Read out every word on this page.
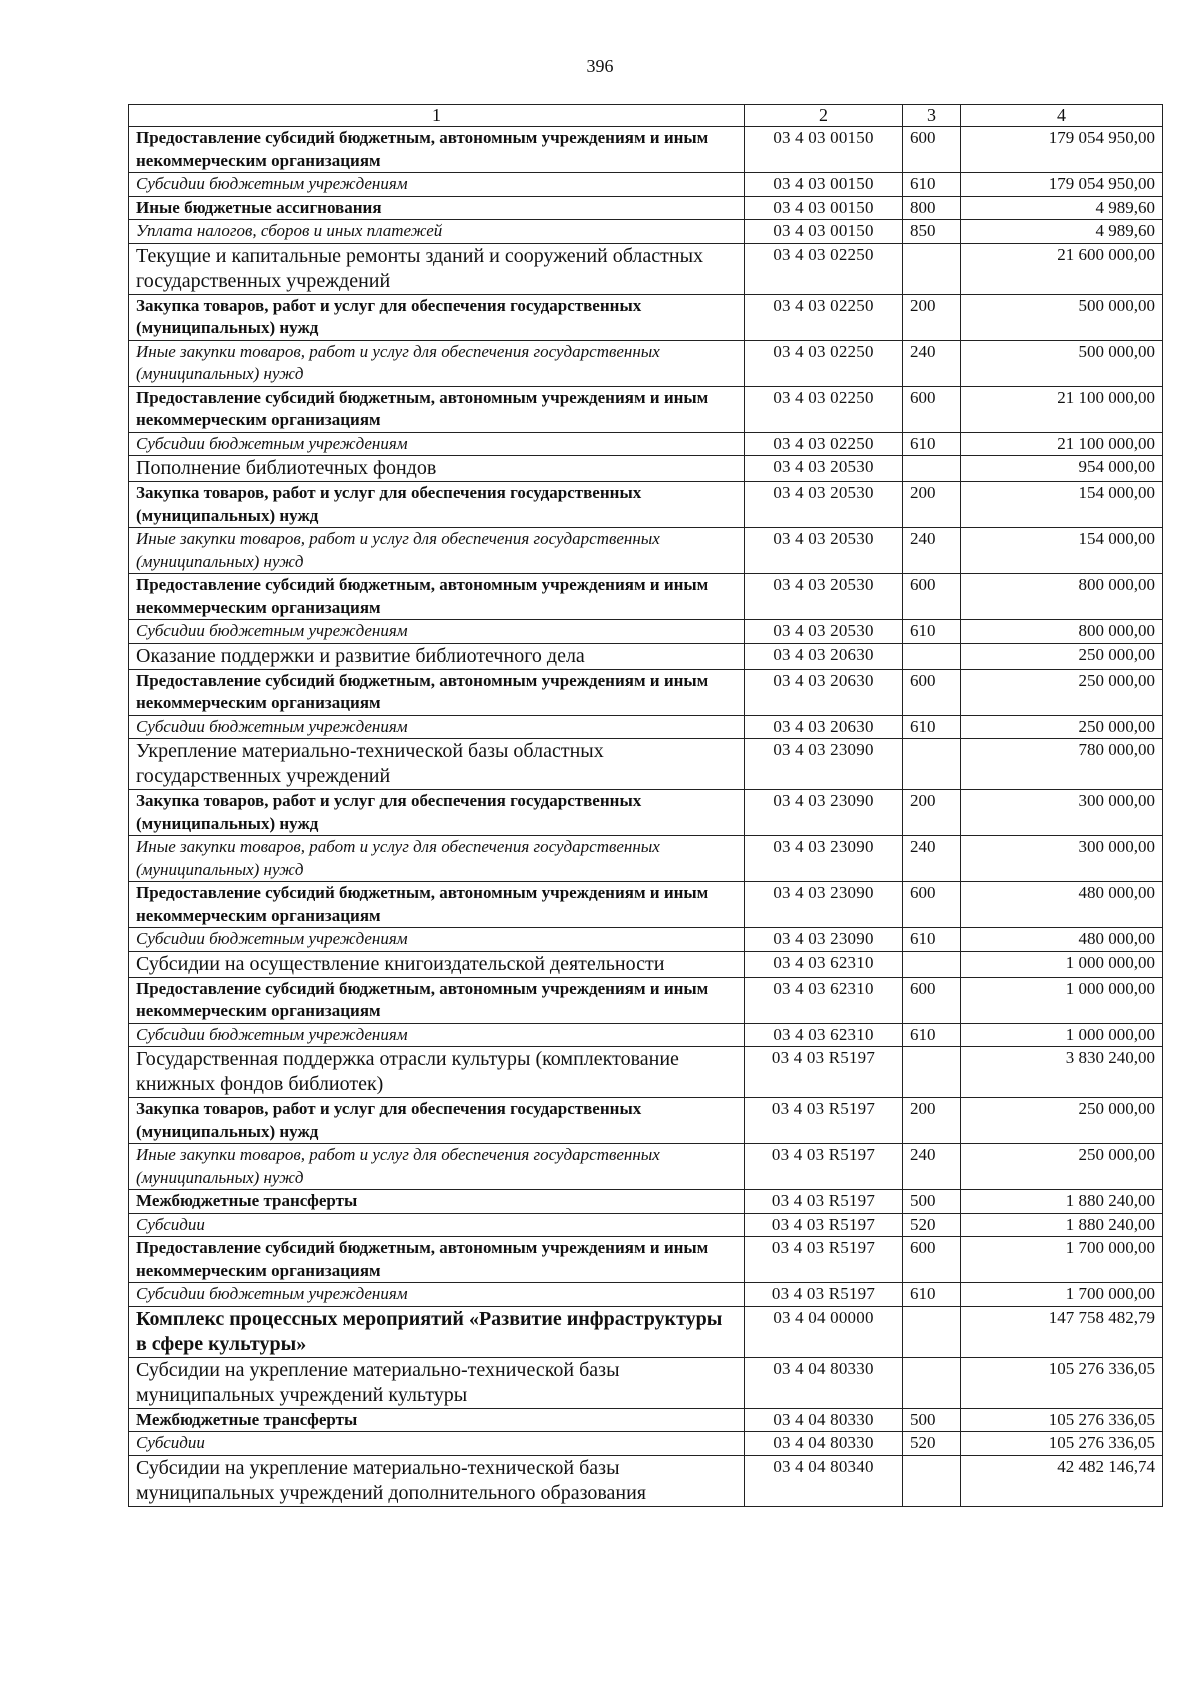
396
1	2	3	4
Предоставление субсидий бюджетным, автономным учреждениям и иным некоммерческим организациям	03 4 03 00150	600	179 054 950,00
Субсидии бюджетным учреждениям	03 4 03 00150	610	179 054 950,00
Иные бюджетные ассигнования	03 4 03 00150	800	4 989,60
Уплата налогов, сборов и иных платежей	03 4 03 00150	850	4 989,60
Текущие и капитальные ремонты зданий и сооружений областных государственных учреждений	03 4 03 02250		21 600 000,00
Закупка товаров, работ и услуг для обеспечения государственных (муниципальных) нужд	03 4 03 02250	200	500 000,00
Иные закупки товаров, работ и услуг для обеспечения государственных (муниципальных) нужд	03 4 03 02250	240	500 000,00
Предоставление субсидий бюджетным, автономным учреждениям и иным некоммерческим организациям	03 4 03 02250	600	21 100 000,00
Субсидии бюджетным учреждениям	03 4 03 02250	610	21 100 000,00
Пополнение библиотечных фондов	03 4 03 20530		954 000,00
Закупка товаров, работ и услуг для обеспечения государственных (муниципальных) нужд	03 4 03 20530	200	154 000,00
Иные закупки товаров, работ и услуг для обеспечения государственных (муниципальных) нужд	03 4 03 20530	240	154 000,00
Предоставление субсидий бюджетным, автономным учреждениям и иным некоммерческим организациям	03 4 03 20530	600	800 000,00
Субсидии бюджетным учреждениям	03 4 03 20530	610	800 000,00
Оказание поддержки и развитие библиотечного дела	03 4 03 20630		250 000,00
Предоставление субсидий бюджетным, автономным учреждениям и иным некоммерческим организациям	03 4 03 20630	600	250 000,00
Субсидии бюджетным учреждениям	03 4 03 20630	610	250 000,00
Укрепление материально-технической базы областных государственных учреждений	03 4 03 23090		780 000,00
Закупка товаров, работ и услуг для обеспечения государственных (муниципальных) нужд	03 4 03 23090	200	300 000,00
Иные закупки товаров, работ и услуг для обеспечения государственных (муниципальных) нужд	03 4 03 23090	240	300 000,00
Предоставление субсидий бюджетным, автономным учреждениям и иным некоммерческим организациям	03 4 03 23090	600	480 000,00
Субсидии бюджетным учреждениям	03 4 03 23090	610	480 000,00
Субсидии на осуществление книгоиздательской деятельности	03 4 03 62310		1 000 000,00
Предоставление субсидий бюджетным, автономным учреждениям и иным некоммерческим организациям	03 4 03 62310	600	1 000 000,00
Субсидии бюджетным учреждениям	03 4 03 62310	610	1 000 000,00
Государственная поддержка отрасли культуры (комплектование книжных фондов библиотек)	03 4 03 R5197		3 830 240,00
Закупка товаров, работ и услуг для обеспечения государственных (муниципальных) нужд	03 4 03 R5197	200	250 000,00
Иные закупки товаров, работ и услуг для обеспечения государственных (муниципальных) нужд	03 4 03 R5197	240	250 000,00
Межбюджетные трансферты	03 4 03 R5197	500	1 880 240,00
Субсидии	03 4 03 R5197	520	1 880 240,00
Предоставление субсидий бюджетным, автономным учреждениям и иным некоммерческим организациям	03 4 03 R5197	600	1 700 000,00
Субсидии бюджетным учреждениям	03 4 03 R5197	610	1 700 000,00
Комплекс процессных мероприятий «Развитие инфраструктуры в сфере культуры»	03 4 04 00000		147 758 482,79
Субсидии на укрепление материально-технической базы муниципальных учреждений культуры	03 4 04 80330		105 276 336,05
Межбюджетные трансферты	03 4 04 80330	500	105 276 336,05
Субсидии	03 4 04 80330	520	105 276 336,05
Субсидии на укрепление материально-технической базы муниципальных учреждений дополнительного образования	03 4 04 80340		42 482 146,74
